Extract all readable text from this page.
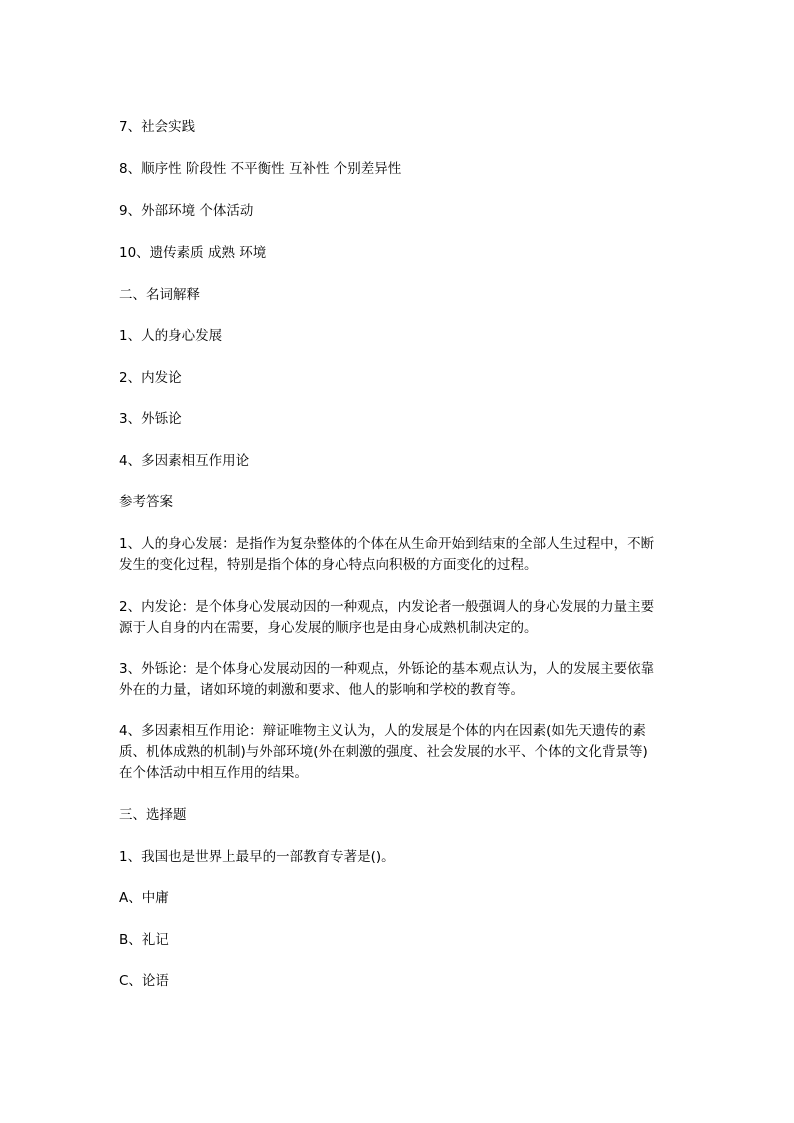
7、社会实践
8、顺序性 阶段性 不平衡性 互补性 个别差异性
9、外部环境 个体活动
10、遗传素质 成熟 环境
二、名词解释
1、人的身心发展
2、内发论
3、外铄论
4、多因素相互作用论
参考答案
1、人的身心发展：是指作为复杂整体的个体在从生命开始到结束的全部人生过程中，不断
发生的变化过程，特别是指个体的身心特点向积极的方面变化的过程。
2、内发论：是个体身心发展动因的一种观点，内发论者一般强调人的身心发展的力量主要
源于人自身的内在需要，身心发展的顺序也是由身心成熟机制决定的。
3、外铄论：是个体身心发展动因的一种观点，外铄论的基本观点认为，人的发展主要依靠
外在的力量，诸如环境的刺激和要求、他人的影响和学校的教育等。
4、多因素相互作用论：辩证唯物主义认为，人的发展是个体的内在因素(如先天遗传的素
质、机体成熟的机制)与外部环境(外在刺激的强度、社会发展的水平、个体的文化背景等)
在个体活动中相互作用的结果。
三、选择题
1、我国也是世界上最早的一部教育专著是()。
A、中庸
B、礼记
C、论语
